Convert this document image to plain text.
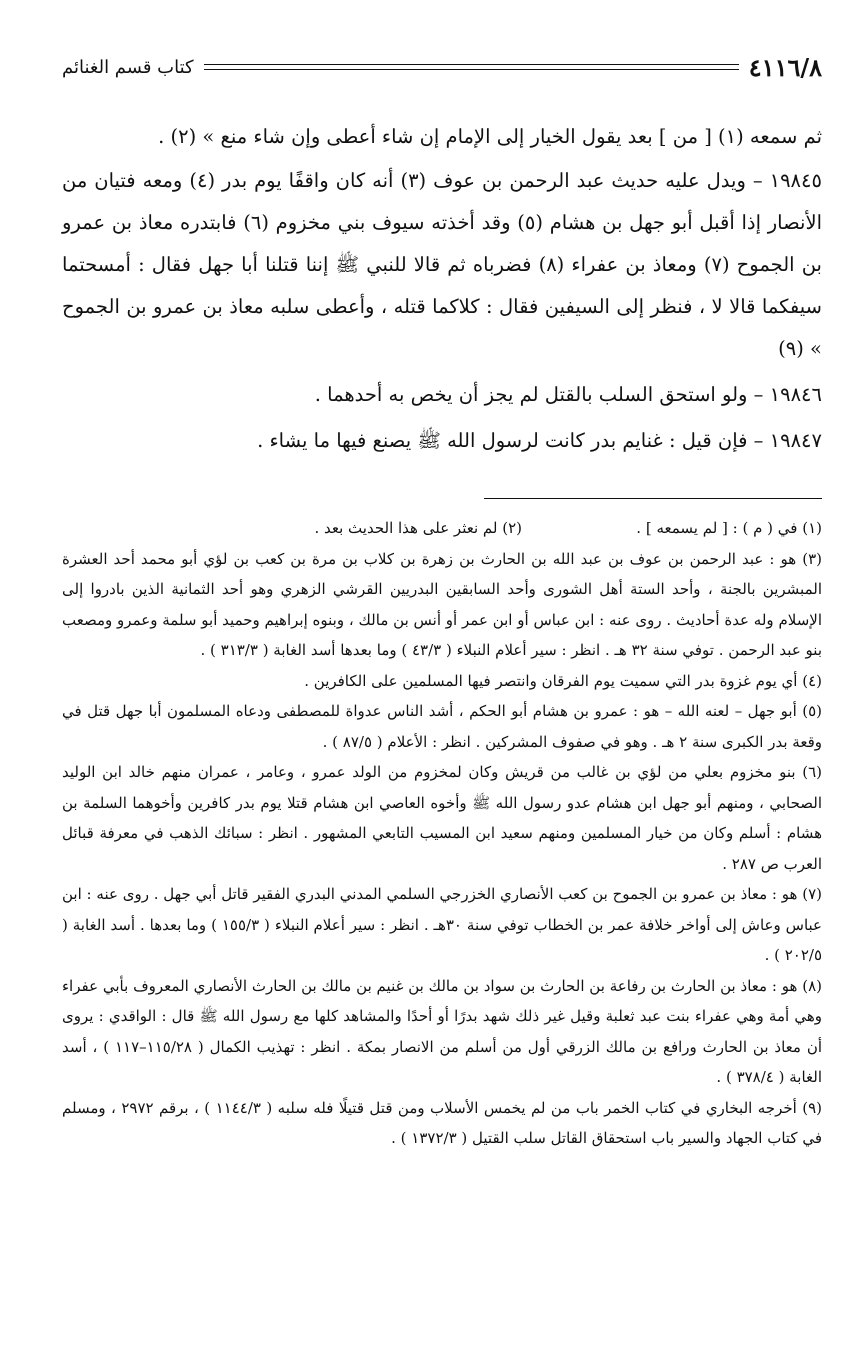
٤١١٦/٨
كتاب قسم الغنائم

ثم سمعه (١) [ من ] بعد يقول الخيار إلى الإمام إن شاء أعطى وإن شاء منع » (٢) .

١٩٨٤٥ – ويدل عليه حديث عبد الرحمن بن عوف (٣) أنه كان واقفًا يوم بدر (٤) ومعه فتيان من الأنصار إذا أقبل أبو جهل بن هشام (٥) وقد أخذته سيوف بني مخزوم (٦) فابتدره معاذ بن عمرو بن الجموح (٧) ومعاذ بن عفراء (٨) فضرباه ثم قالا للنبي ﷺ إننا قتلنا أبا جهل فقال : أمسحتما سيفكما قالا لا ، فنظر إلى السيفين فقال : كلاكما قتله ، وأعطى سلبه معاذ بن عمرو بن الجموح » (٩)

١٩٨٤٦ – ولو استحق السلب بالقتل لم يجز أن يخص به أحدهما .

١٩٨٤٧ – فإن قيل : غنايم بدر كانت لرسول الله ﷺ يصنع فيها ما يشاء .

(١) في ( م ) : [ لم يسمعه ] .
(٢) لم نعثر على هذا الحديث بعد .

(٣) هو : عبد الرحمن بن عوف بن عبد الله بن الحارث بن زهرة بن كلاب بن مرة بن كعب بن لؤي أبو محمد أحد العشرة المبشرين بالجنة ، وأحد الستة أهل الشورى وأحد السابقين البدريين القرشي الزهري وهو أحد الثمانية الذين بادروا إلى الإسلام وله عدة أحاديث . روى عنه : ابن عباس أو ابن عمر أو أنس بن مالك ، وبنوه إبراهيم وحميد أبو سلمة وعمرو ومصعب بنو عبد الرحمن . توفي سنة ٣٢ هـ . انظر : سير أعلام النبلاء ( ٤٣/٣ ) وما بعدها أسد الغابة ( ٣١٣/٣ ) .

(٤) أي يوم غزوة بدر التي سميت يوم الفرقان وانتصر فيها المسلمين على الكافرين .

(٥) أبو جهل – لعنه الله – هو : عمرو بن هشام أبو الحكم ، أشد الناس عدواة للمصطفى ودعاه المسلمون أبا جهل قتل في وقعة بدر الكبرى سنة ٢ هـ . وهو في صفوف المشركين . انظر : الأعلام ( ٨٧/٥ ) .

(٦) بنو مخزوم بعلي من لؤي بن غالب من قريش وكان لمخزوم من الولد عمرو ، وعامر ، عمران منهم خالد ابن الوليد الصحابي ، ومنهم أبو جهل ابن هشام عدو رسول الله ﷺ وأخوه العاصي ابن هشام قتلا يوم بدر كافرين وأخوهما السلمة بن هشام : أسلم وكان من خيار المسلمين ومنهم سعيد ابن المسيب التابعي المشهور . انظر : سبائك الذهب في معرفة قبائل العرب ص ٢٨٧ .

(٧) هو : معاذ بن عمرو بن الجموح بن كعب الأنصاري الخزرجي السلمي المدني البدري الفقير قاتل أبي جهل . روى عنه : ابن عباس وعاش إلى أواخر خلافة عمر بن الخطاب توفي سنة ٣٠هـ . انظر : سير أعلام النبلاء ( ١٥٥/٣ ) وما بعدها . أسد الغابة ( ٢٠٢/٥ ) .

(٨) هو : معاذ بن الحارث بن رفاعة بن الحارث بن سواد بن مالك بن غنيم بن مالك بن الحارث الأنصاري المعروف بأبي عفراء وهي أمة وهي عفراء بنت عبد ثعلبة وقيل غير ذلك شهد بدرًا أو أحدًا والمشاهد كلها مع رسول الله ﷺ قال : الواقدي : يروى أن معاذ بن الحارث ورافع بن مالك الزرقي أول من أسلم من الانصار بمكة . انظر : تهذيب الكمال ( ١١٥/٢٨–١١٧ ) ، أسد الغابة ( ٣٧٨/٤ ) .

(٩) أخرجه البخاري في كتاب الخمر باب من لم يخمس الأسلاب ومن قتل قتيلًا فله سلبه ( ١١٤٤/٣ ) ، برقم ٢٩٧٢ ، ومسلم في كتاب الجهاد والسير باب استحقاق القاتل سلب القتيل ( ١٣٧٢/٣ ) .
